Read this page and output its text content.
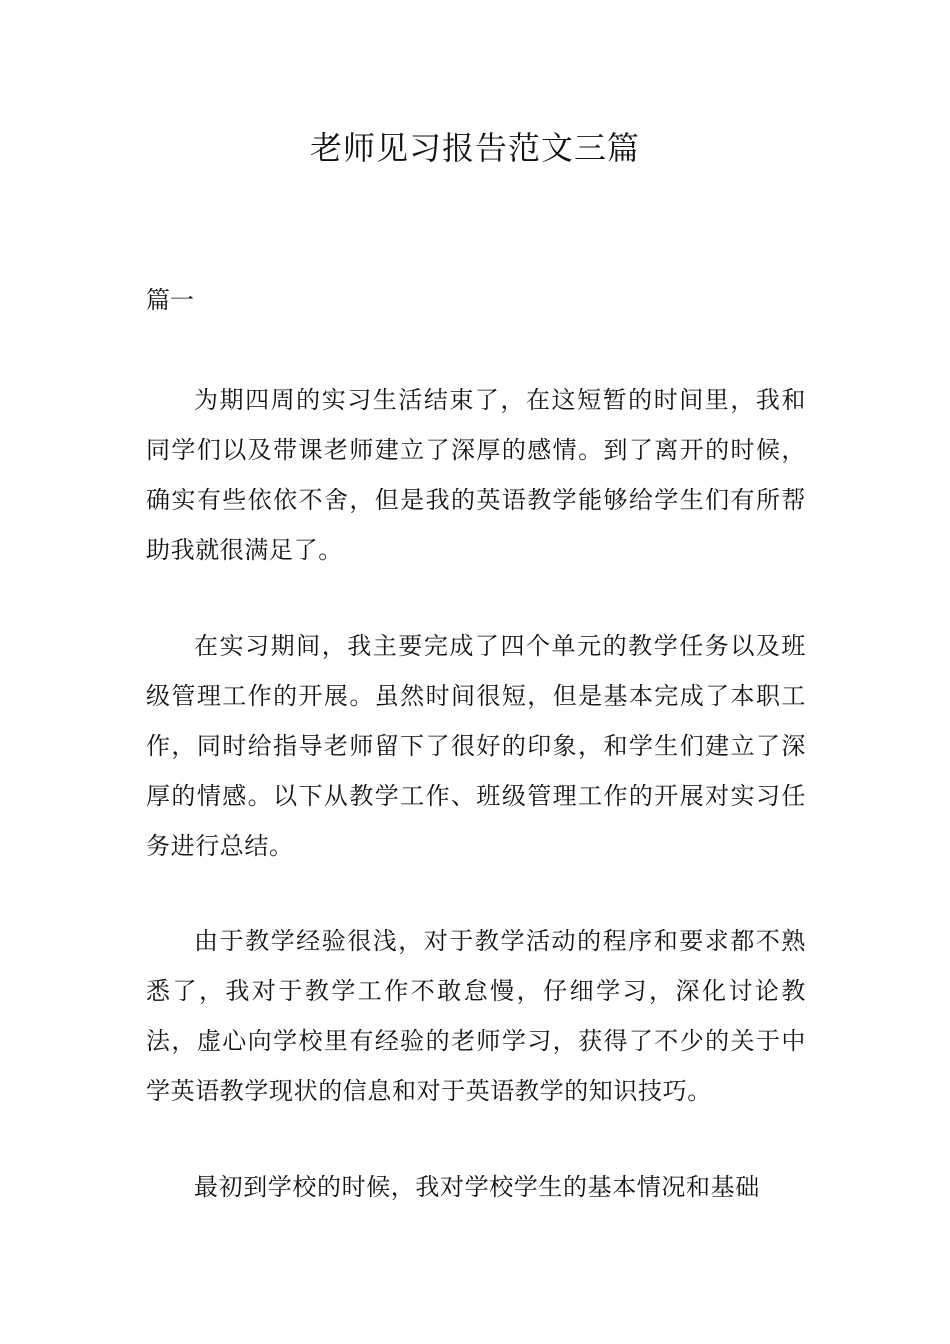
老师见习报告范文三篇
篇一

为期四周的实习生活结束了，在这短暂的时间里，我和同学们以及带课老师建立了深厚的感情。到了离开的时候，确实有些依依不舍，但是我的英语教学能够给学生们有所帮助我就很满足了。

在实习期间，我主要完成了四个单元的教学任务以及班级管理工作的开展。虽然时间很短，但是基本完成了本职工作，同时给指导老师留下了很好的印象，和学生们建立了深厚的情感。以下从教学工作、班级管理工作的开展对实习任务进行总结。

由于教学经验很浅，对于教学活动的程序和要求都不熟悉了，我对于教学工作不敢怠慢，仔细学习，深化讨论教法，虚心向学校里有经验的老师学习，获得了不少的关于中学英语教学现状的信息和对于英语教学的知识技巧。

最初到学校的时候，我对学校学生的基本情况和基础
